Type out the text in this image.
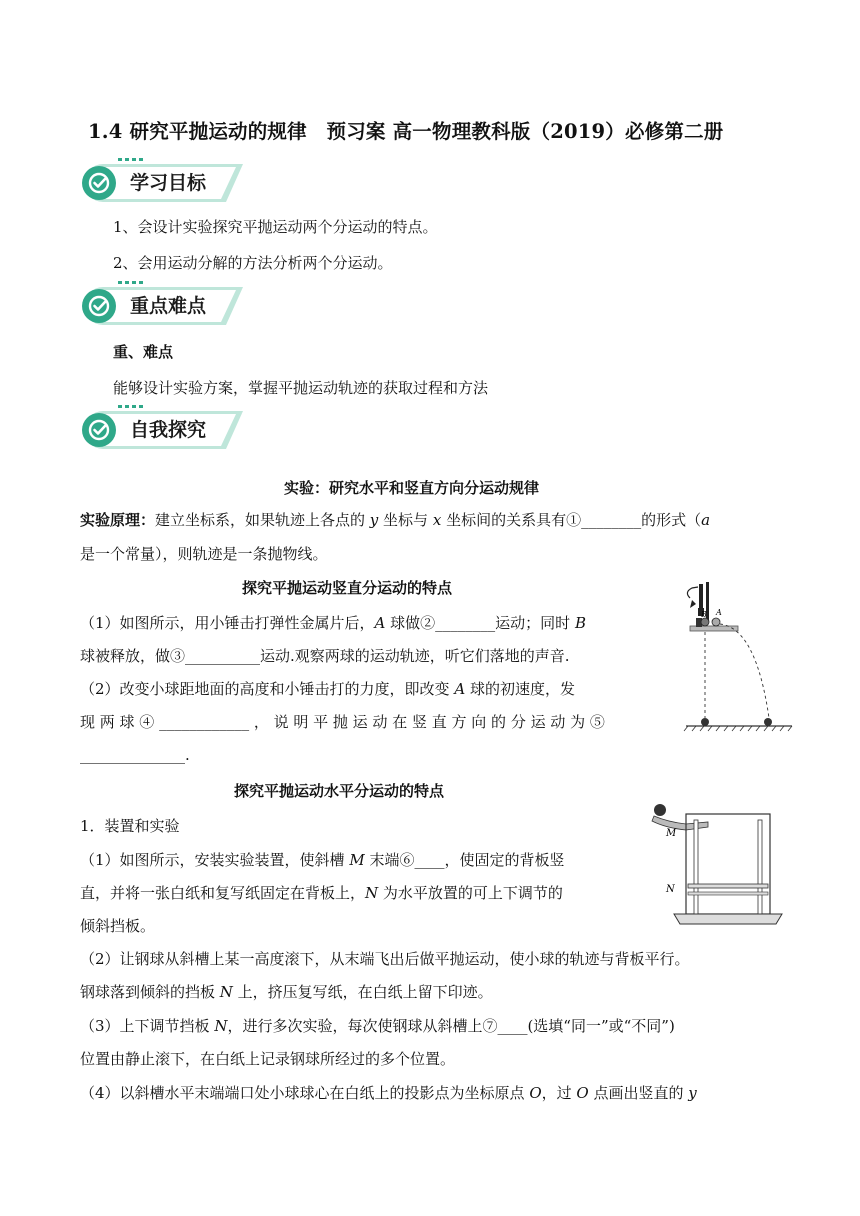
1.4 研究平抛运动的规律　预习案 高一物理教科版（2019）必修第二册
学习目标
1、会设计实验探究平抛运动两个分运动的特点。
2、会用运动分解的方法分析两个分运动。
重点难点
重、难点
能够设计实验方案，掌握平抛运动轨迹的获取过程和方法
自我探究
实验：研究水平和竖直方向分运动规律
实验原理：建立坐标系，如果轨迹上各点的 y 坐标与 x 坐标间的关系具有①________的形式（a
是一个常量），则轨迹是一条抛物线。
探究平抛运动竖直分运动的特点
（1）如图所示，用小锤击打弹性金属片后，A 球做②________运动；同时 B
球被释放，做③__________运动.观察两球的运动轨迹，听它们落地的声音.
（2）改变小球距地面的高度和小锤击打的力度，即改变 A 球的初速度，发
现 两 球 ④ ____________ ， 说 明 平 抛 运 动 在 竖 直 方 向 的 分 运 动 为 ⑤
______________.
B A
探究平抛运动水平分运动的特点
1．装置和实验
（1）如图所示，安装实验装置，使斜槽 M 末端⑥____，使固定的背板竖
直，并将一张白纸和复写纸固定在背板上，N 为水平放置的可上下调节的
倾斜挡板。
M
N
（2）让钢球从斜槽上某一高度滚下，从末端飞出后做平抛运动，使小球的轨迹与背板平行。
钢球落到倾斜的挡板 N 上，挤压复写纸，在白纸上留下印迹。
（3）上下调节挡板 N，进行多次实验，每次使钢球从斜槽上⑦____(选填“同一”或“不同”)
位置由静止滚下，在白纸上记录钢球所经过的多个位置。
（4）以斜槽水平末端端口处小球球心在白纸上的投影点为坐标原点 O，过 O 点画出竖直的 y
